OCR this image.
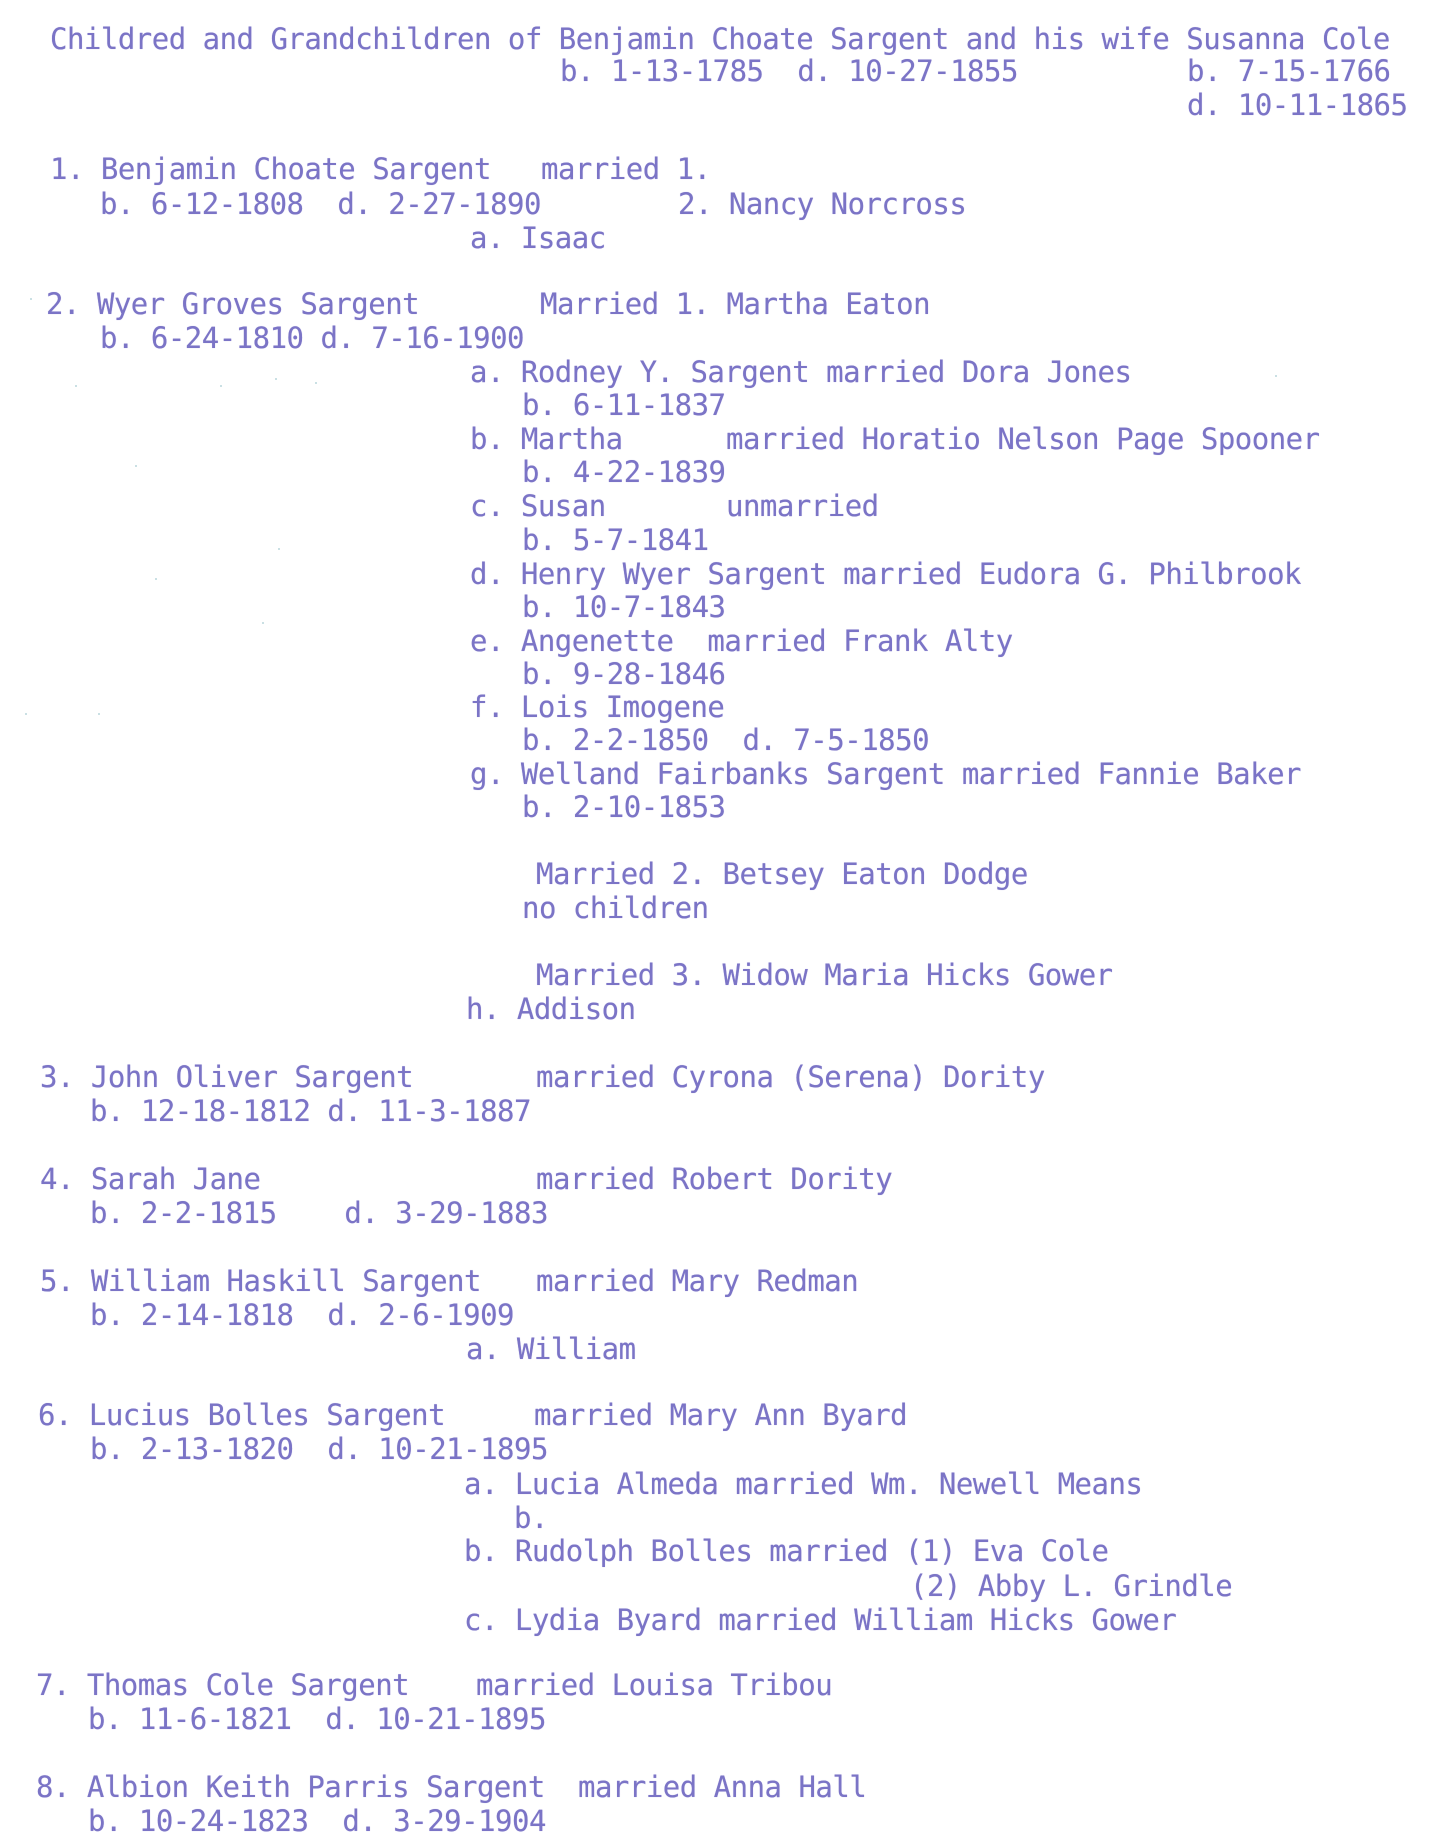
Childred and Grandchildren of Benjamin Choate Sargent and his wife Susanna Cole
b. 1-13-1785  d. 10-27-1855	b. 7-15-1766
d. 10-11-1865
1. Benjamin Choate Sargent married 1.
b. 6-12-1808  d. 2-27-1890	2. Nancy Norcross
a. Isaac
2. Wyer Groves Sargent	Married 1. Martha Eaton
b. 6-24-1810 d. 7-16-1900
a. Rodney Y. Sargent married Dora Jones
b. 6-11-1837
b. Martha	married Horatio Nelson Page Spooner
b. 4-22-1839
c. Susan	unmarried
b. 5-7-1841
d. Henry Wyer Sargent married Eudora G. Philbrook
b. 10-7-1843
e. Angenette  married Frank Alty
b. 9-28-1846
f. Lois Imogene
b. 2-2-1850  d. 7-5-1850
g. Welland Fairbanks Sargent married Fannie Baker
b. 2-10-1853
Married 2. Betsey Eaton Dodge
no children
Married 3. Widow Maria Hicks Gower
h. Addison
3. John Oliver Sargent	married Cyrona (Serena) Dority
b. 12-18-1812 d. 11-3-1887
4. Sarah Jane	married Robert Dority
b. 2-2-1815    d. 3-29-1883
5. William Haskill Sargent married Mary Redman
b. 2-14-1818  d. 2-6-1909
a. William
6. Lucius Bolles Sargent	married Mary Ann Byard
b. 2-13-1820  d. 10-21-1895
a. Lucia Almeda married Wm. Newell Means
b.
b. Rudolph Bolles married (1) Eva Cole
(2) Abby L. Grindle
c. Lydia Byard married William Hicks Gower
7. Thomas Cole Sargent married Louisa Tribou
b. 11-6-1821  d. 10-21-1895
8. Albion Keith Parris Sargent married Anna Hall
b. 10-24-1823  d. 3-29-1904
